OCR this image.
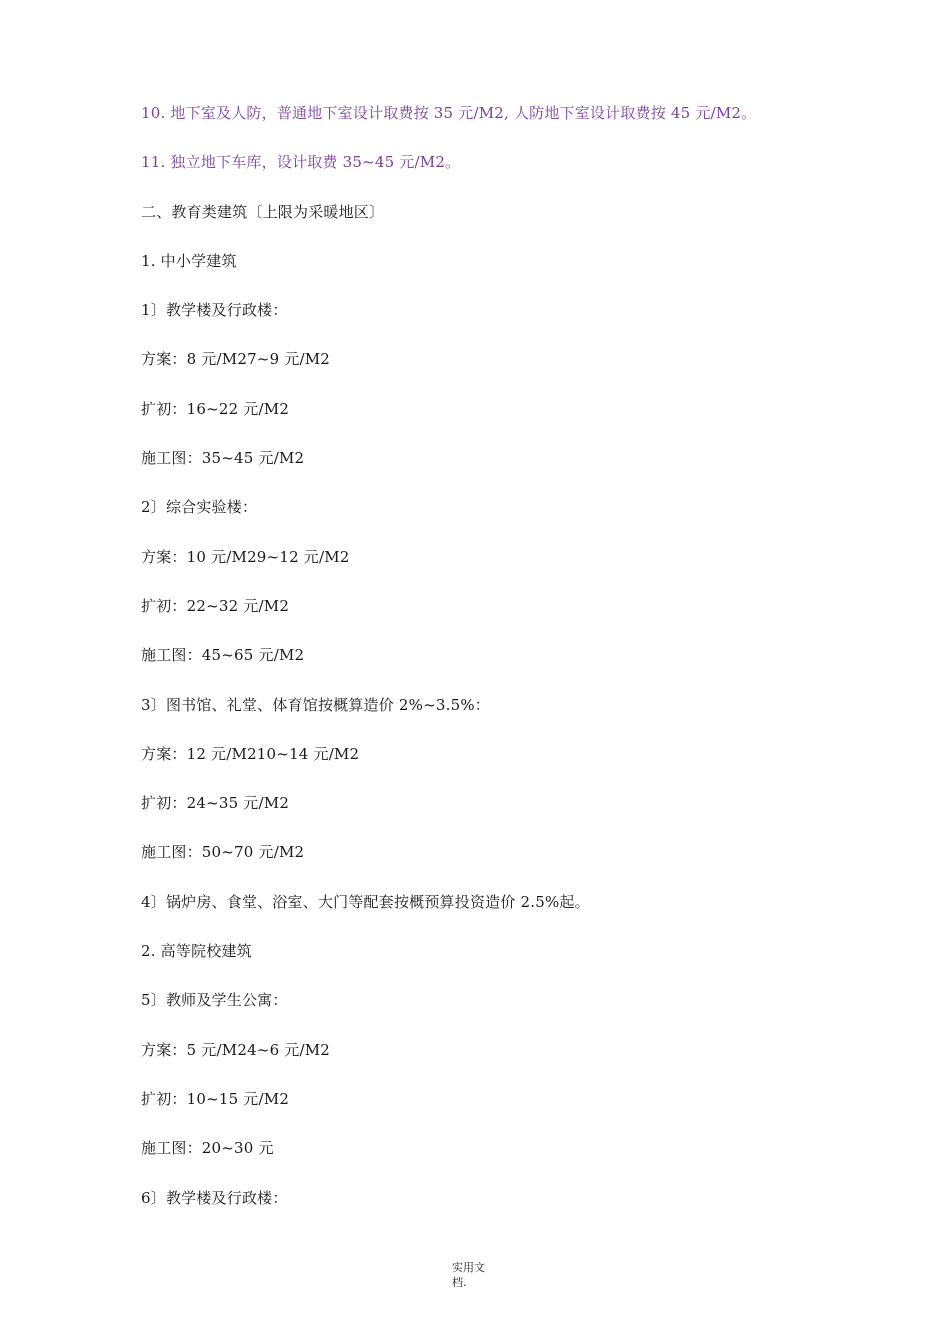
10. 地下室及人防，普通地下室设计取费按 35 元/M2, 人防地下室设计取费按 45 元/M2。
11. 独立地下车库，设计取费 35~45 元/M2。
二、教育类建筑〔上限为采暖地区〕
1. 中小学建筑
1〕教学楼及行政楼：
方案：8 元/M27~9 元/M2
扩初：16~22 元/M2
施工图：35~45 元/M2
2〕综合实验楼：
方案：10 元/M29~12 元/M2
扩初：22~32 元/M2
施工图：45~65 元/M2
3〕图书馆、礼堂、体育馆按概算造价 2%~3.5%：
方案：12 元/M210~14 元/M2
扩初：24~35 元/M2
施工图：50~70 元/M2
4〕锅炉房、食堂、浴室、大门等配套按概预算投资造价 2.5%起。
2. 高等院校建筑
5〕教师及学生公寓：
方案：5 元/M24~6 元/M2
扩初：10~15 元/M2
施工图：20~30 元
6〕教学楼及行政楼：
实用文
档.
